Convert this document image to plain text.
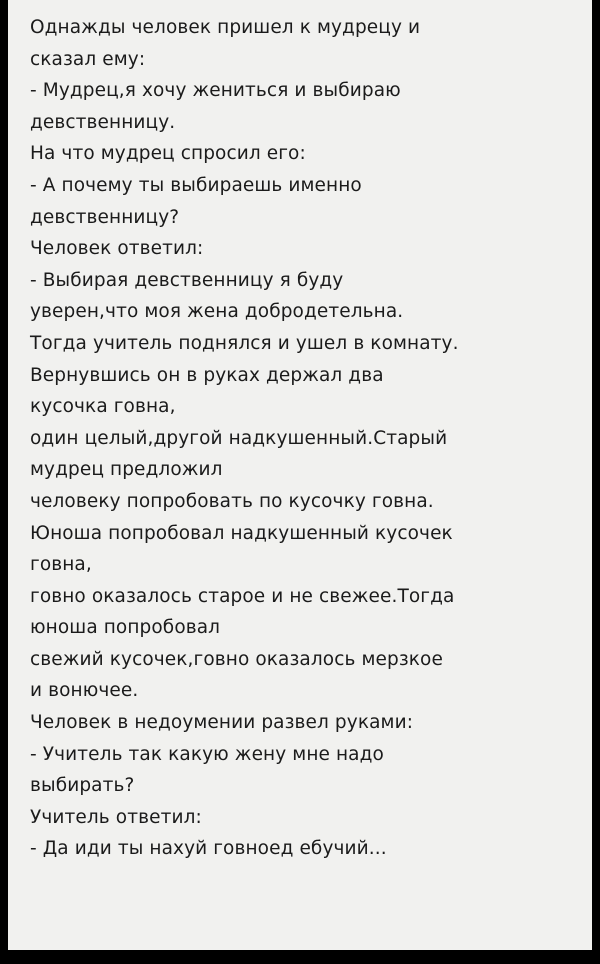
Однажды человек пришел к мудрецу и
сказал ему:
- Мудрец,я хочу жениться и выбираю
девственницу.
На что мудрец спросил его:
- А почему ты выбираешь именно
девственницу?
Человек ответил:
- Выбирая девственницу я буду
уверен,что моя жена добродетельна.
Тогда учитель поднялся и ушел в комнату.
Вернувшись он в руках держал два
кусочка говна,
один целый,другой надкушенный.Старый
мудрец предложил
человеку попробовать по кусочку говна.
Юноша попробовал надкушенный кусочек
говна,
говно оказалось старое и не свежее.Тогда
юноша попробовал
свежий кусочек,говно оказалось мерзкое
и вонючее.
Человек в недоумении развел руками:
- Учитель так какую жену мне надо
выбирать?
Учитель ответил:
- Да иди ты нахуй говноед ебучий...
